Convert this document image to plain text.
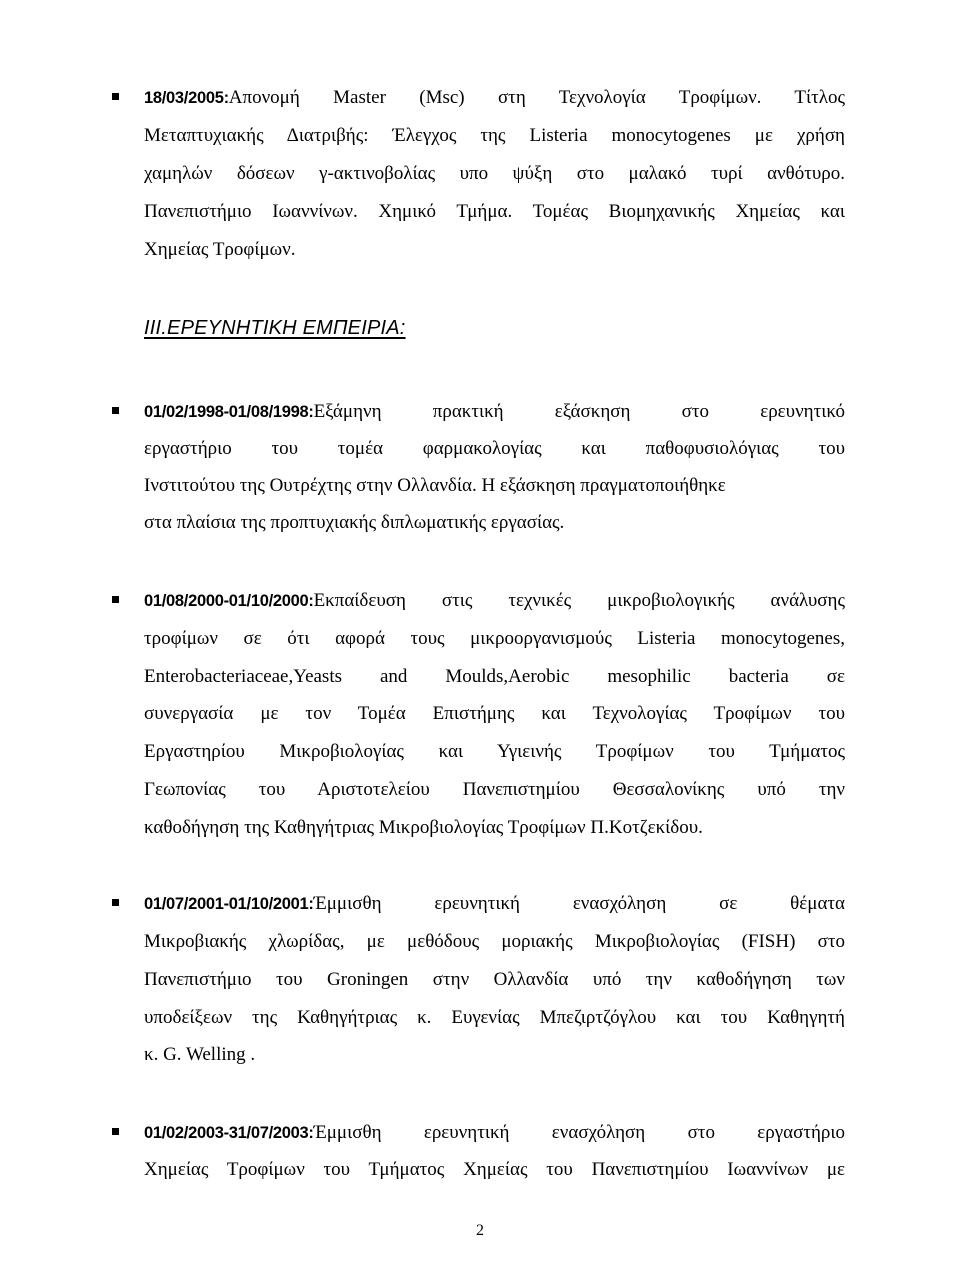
18/03/2005:Απονομή Master (Msc) στη Τεχνολογία Τροφίμων. Τίτλος
Μεταπτυχιακής Διατριβής: Έλεγχος της Listeria monocytogenes με χρήση
χαμηλών δόσεων γ-ακτινοβολίας υπο ψύξη στο μαλακό τυρί ανθότυρο.
Πανεπιστήμιο Ιωαννίνων. Χημικό Τμήμα. Τομέας Βιομηχανικής Χημείας και
Χημείας Τροφίμων.
III.ΕΡΕΥΝΗΤΙΚΗ ΕΜΠΕΙΡΙΑ:
01/02/1998-01/08/1998:Εξάμηνη πρακτική εξάσκηση στο ερευνητικό
εργαστήριο του τομέα φαρμακολογίας και παθοφυσιολόγιας του
Ινστιτούτου της Ουτρέχτης στην Ολλανδία. Η εξάσκηση πραγματοποιήθηκε
στα πλαίσια της προπτυχιακής διπλωματικής εργασίας.
01/08/2000-01/10/2000:Εκπαίδευση στις τεχνικές μικροβιολογικής ανάλυσης
τροφίμων σε ότι αφορά τους μικροοργανισμούς Listeria monocytogenes,
Enterobacteriaceae,Yeasts and Moulds,Aerobic mesophilic bacteria σε
συνεργασία με τον Τομέα Επιστήμης και Τεχνολογίας Τροφίμων του
Εργαστηρίου Μικροβιολογίας και Υγιεινής Τροφίμων του Τμήματος
Γεωπονίας του Αριστοτελείου Πανεπιστημίου Θεσσαλονίκης υπό την
καθοδήγηση της Καθηγήτριας Μικροβιολογίας Τροφίμων Π.Κοτζεκίδου.
01/07/2001-01/10/2001:Έμμισθη ερευνητική ενασχόληση σε θέματα
Μικροβιακής χλωρίδας, με μεθόδους μοριακής Μικροβιολογίας (FISH) στο
Πανεπιστήμιο του Groningen στην Ολλανδία υπό την καθοδήγηση των
υποδείξεων της Καθηγήτριας κ. Ευγενίας Μπεζιρτζόγλου και του Καθηγητή
κ. G. Welling .
01/02/2003-31/07/2003:Έμμισθη ερευνητική ενασχόληση στο εργαστήριο
Χημείας Τροφίμων του Τμήματος Χημείας του Πανεπιστημίου Ιωαννίνων με
2
